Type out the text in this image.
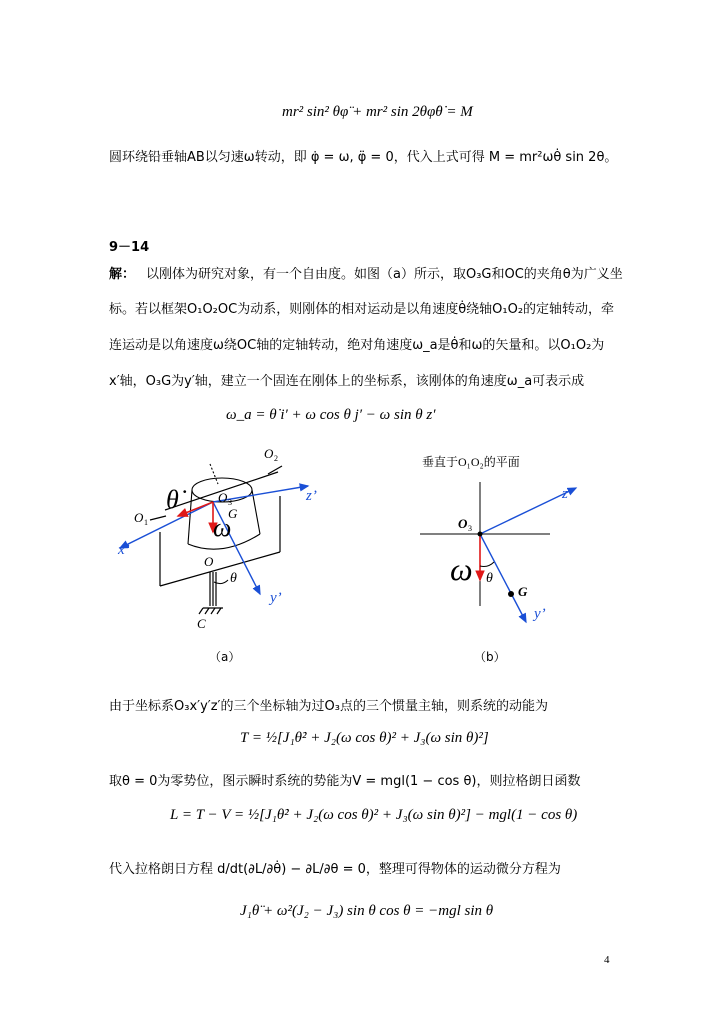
mr² sin² θφ̈ + mr² sin 2θφ̇θ̇ = M
圆环绕铅垂轴AB以匀速ω转动，即 φ̇ = ω, φ̈ = 0，代入上式可得 M = mr²ωθ̇ sin 2θ。
9－14
解： 以刚体为研究对象，有一个自由度。如图（a）所示，取O₃G和OC的夹角θ为广义坐
标。若以框架O₁O₂OC为动系，则刚体的相对运动是以角速度θ̇绕轴O₁O₂的定轴转动，牵
连运动是以角速度ω绕OC轴的定轴转动，绝对角速度ω_a是θ̇和ω的矢量和。以O₁O₂为
x′轴，O₃G为y′轴，建立一个固连在刚体上的坐标系，该刚体的角速度ω_a可表示成
ω_a = θ̇ i′ + ω cos θ j′ − ω sin θ z′
O 2
O 1
O 3
G
O
C
x’
z’
y’
θ
θ̇
ω
垂直于O₁O₂的平面
O 3
G
z’
y’
θ
ω
（a）	（b）
由于坐标系O₃x′y′z′的三个坐标轴为过O₃点的三个惯量主轴，则系统的动能为
T = ½[J₁θ̇² + J₂(ω cos θ)² + J₃(ω sin θ)²]
取θ = 0为零势位，图示瞬时系统的势能为V = mgl(1 − cos θ)，则拉格朗日函数
L = T − V = ½[J₁θ̇² + J₂(ω cos θ)² + J₃(ω sin θ)²] − mgl(1 − cos θ)
代入拉格朗日方程 d/dt(∂L/∂θ̇) − ∂L/∂θ = 0，整理可得物体的运动微分方程为
J₁θ̈ + ω²(J₂ − J₃) sin θ cos θ = −mgl sin θ
4
